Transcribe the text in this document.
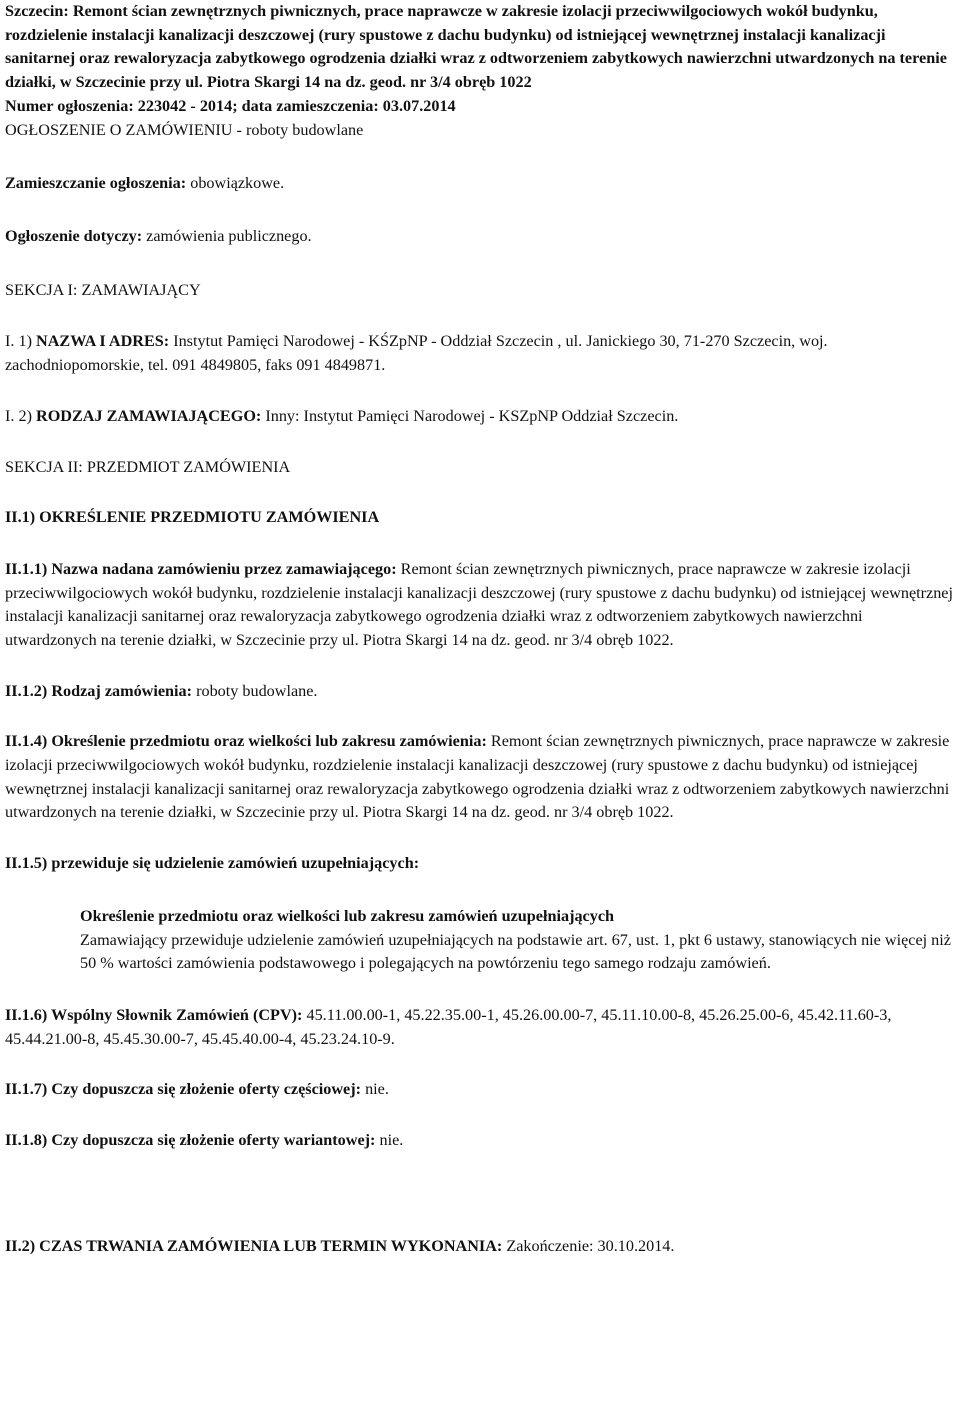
Szczecin: Remont ścian zewnętrznych piwnicznych, prace naprawcze w zakresie izolacji przeciwwilgociowych wokół budynku, rozdzielenie instalacji kanalizacji deszczowej (rury spustowe z dachu budynku) od istniejącej wewnętrznej instalacji kanalizacji sanitarnej oraz rewaloryzacja zabytkowego ogrodzenia działki wraz z odtworzeniem zabytkowych nawierzchni utwardzonych na terenie działki, w Szczecinie przy ul. Piotra Skargi 14 na dz. geod. nr 3/4 obręb 1022

Numer ogłoszenia: 223042 - 2014; data zamieszczenia: 03.07.2014

OGŁOSZENIE O ZAMÓWIENIU - roboty budowlane

Zamieszczanie ogłoszenia: obowiązkowe.

Ogłoszenie dotyczy: zamówienia publicznego.

SEKCJA I: ZAMAWIAJĄCY

I. 1) NAZWA I ADRES: Instytut Pamięci Narodowej - KŚZpNP - Oddział Szczecin , ul. Janickiego 30, 71-270 Szczecin, woj. zachodniopomorskie, tel. 091 4849805, faks 091 4849871.

I. 2) RODZAJ ZAMAWIAJĄCEGO: Inny: Instytut Pamięci Narodowej - KSZpNP Oddział Szczecin.

SEKCJA II: PRZEDMIOT ZAMÓWIENIA

II.1) OKREŚLENIE PRZEDMIOTU ZAMÓWIENIA

II.1.1) Nazwa nadana zamówieniu przez zamawiającego: Remont ścian zewnętrznych piwnicznych, prace naprawcze w zakresie izolacji przeciwwilgociowych wokół budynku, rozdzielenie instalacji kanalizacji deszczowej (rury spustowe z dachu budynku) od istniejącej wewnętrznej instalacji kanalizacji sanitarnej oraz rewaloryzacja zabytkowego ogrodzenia działki wraz z odtworzeniem zabytkowych nawierzchni utwardzonych na terenie działki, w Szczecinie przy ul. Piotra Skargi 14 na dz. geod. nr 3/4 obręb 1022.

II.1.2) Rodzaj zamówienia: roboty budowlane.

II.1.4) Określenie przedmiotu oraz wielkości lub zakresu zamówienia: Remont ścian zewnętrznych piwnicznych, prace naprawcze w zakresie izolacji przeciwwilgociowych wokół budynku, rozdzielenie instalacji kanalizacji deszczowej (rury spustowe z dachu budynku) od istniejącej wewnętrznej instalacji kanalizacji sanitarnej oraz rewaloryzacja zabytkowego ogrodzenia działki wraz z odtworzeniem zabytkowych nawierzchni utwardzonych na terenie działki, w Szczecinie przy ul. Piotra Skargi 14 na dz. geod. nr 3/4 obręb 1022.

II.1.5) przewiduje się udzielenie zamówień uzupełniających:

Określenie przedmiotu oraz wielkości lub zakresu zamówień uzupełniających

Zamawiający przewiduje udzielenie zamówień uzupełniających na podstawie art. 67, ust. 1, pkt 6 ustawy, stanowiących nie więcej niż 50 % wartości zamówienia podstawowego i polegających na powtórzeniu tego samego rodzaju zamówień.

II.1.6) Wspólny Słownik Zamówień (CPV): 45.11.00.00-1, 45.22.35.00-1, 45.26.00.00-7, 45.11.10.00-8, 45.26.25.00-6, 45.42.11.60-3, 45.44.21.00-8, 45.45.30.00-7, 45.45.40.00-4, 45.23.24.10-9.

II.1.7) Czy dopuszcza się złożenie oferty częściowej: nie.

II.1.8) Czy dopuszcza się złożenie oferty wariantowej: nie.

II.2) CZAS TRWANIA ZAMÓWIENIA LUB TERMIN WYKONANIA: Zakończenie: 30.10.2014.
